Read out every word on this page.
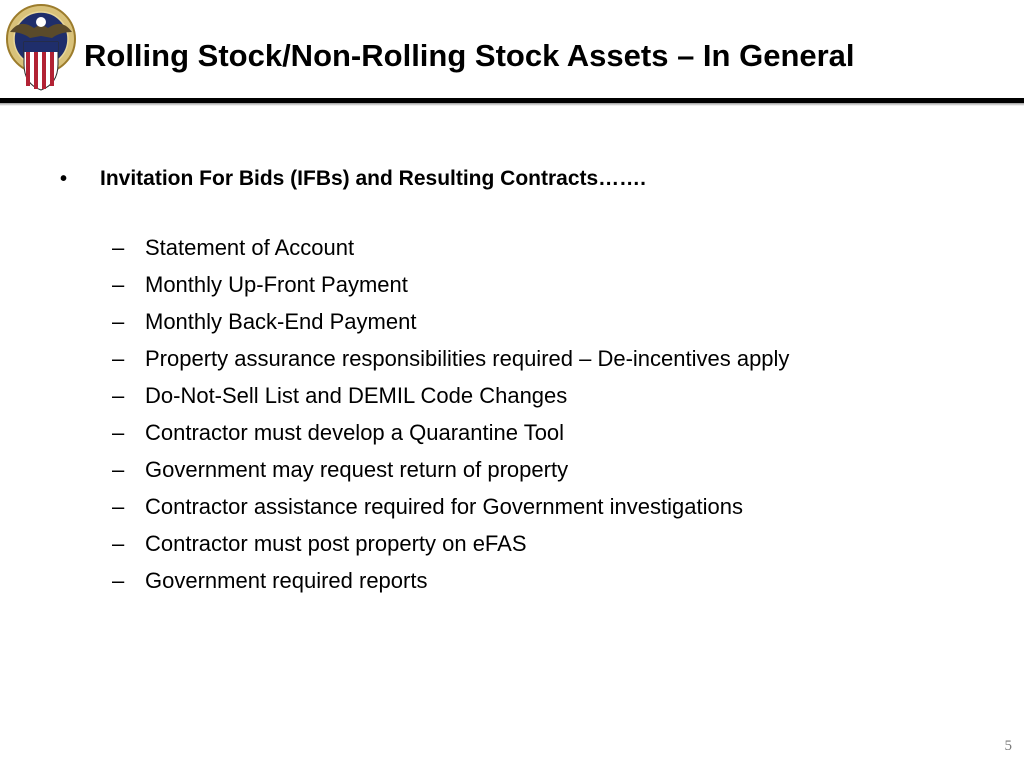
Rolling Stock/Non-Rolling Stock Assets – In General
•	Invitation For Bids (IFBs) and Resulting Contracts…….
– Statement of Account
– Monthly Up-Front Payment
– Monthly Back-End Payment
– Property assurance responsibilities required – De-incentives apply
– Do-Not-Sell List and DEMIL Code Changes
– Contractor must develop a Quarantine Tool
– Government may request return of property
– Contractor assistance required for Government investigations
– Contractor must post property on eFAS
– Government required reports
5
